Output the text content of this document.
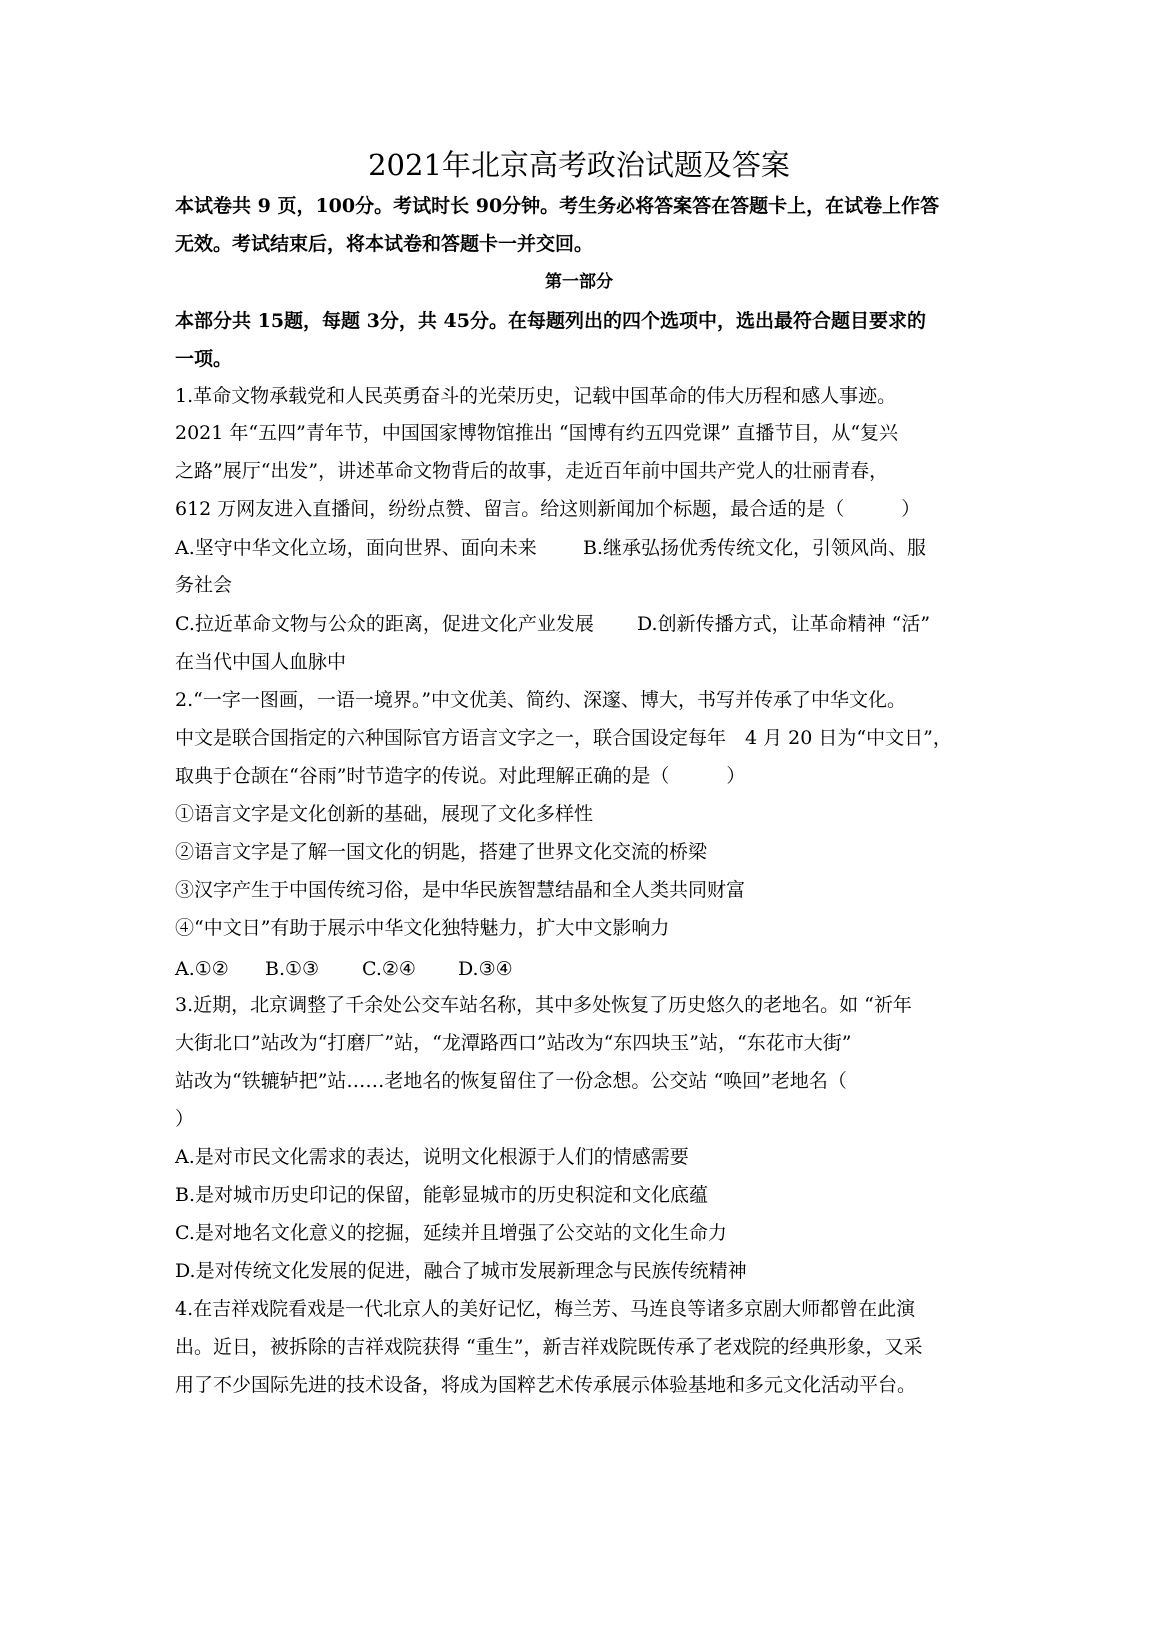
2021年北京高考政治试题及答案
本试卷共 9 页，100分。考试时长 90分钟。考生务必将答案答在答题卡上，在试卷上作答
无效。考试结束后，将本试卷和答题卡一并交回。
第一部分
本部分共 15题，每题 3分，共 45分。在每题列出的四个选项中，选出最符合题目要求的
一项。
1.革命文物承载党和人民英勇奋斗的光荣历史，记载中国革命的伟大历程和感人事迹。
2021 年“五四”青年节，中国国家博物馆推出 “国博有约五四党课” 直播节目，从“复兴
之路”展厅“出发”，讲述革命文物背后的故事，走近百年前中国共产党人的壮丽青春，
612 万网友进入直播间，纷纷点赞、留言。给这则新闻加个标题，最合适的是（　　　）
A.坚守中华文化立场，面向世界、面向未来 B.继承弘扬优秀传统文化，引领风尚、服
务社会
C.拉近革命文物与公众的距离，促进文化产业发展 D.创新传播方式，让革命精神 “活”
在当代中国人血脉中
2.“一字一图画，一语一境界。”中文优美、简约、深邃、博大，书写并传承了中华文化。
中文是联合国指定的六种国际官方语言文字之一，联合国设定每年　4 月 20 日为“中文日”，
取典于仓颉在“谷雨”时节造字的传说。对此理解正确的是（　　　）
①语言文字是文化创新的基础，展现了文化多样性
②语言文字是了解一国文化的钥匙，搭建了世界文化交流的桥梁
③汉字产生于中国传统习俗，是中华民族智慧结晶和全人类共同财富
④“中文日”有助于展示中华文化独特魅力，扩大中文影响力
A.①② B.①③ C.②④ D.③④
3.近期，北京调整了千余处公交车站名称，其中多处恢复了历史悠久的老地名。如 “祈年
大街北口”站改为“打磨厂”站，“龙潭路西口”站改为“东四块玉”站，“东花市大街”
站改为“铁辘轳把”站……老地名的恢复留住了一份念想。公交站 “唤回”老地名（
）
A.是对市民文化需求的表达，说明文化根源于人们的情感需要
B.是对城市历史印记的保留，能彰显城市的历史积淀和文化底蕴
C.是对地名文化意义的挖掘，延续并且增强了公交站的文化生命力
D.是对传统文化发展的促进，融合了城市发展新理念与民族传统精神
4.在吉祥戏院看戏是一代北京人的美好记忆，梅兰芳、马连良等诸多京剧大师都曾在此演
出。近日，被拆除的吉祥戏院获得 “重生”，新吉祥戏院既传承了老戏院的经典形象，又采
用了不少国际先进的技术设备，将成为国粹艺术传承展示体验基地和多元文化活动平台。
